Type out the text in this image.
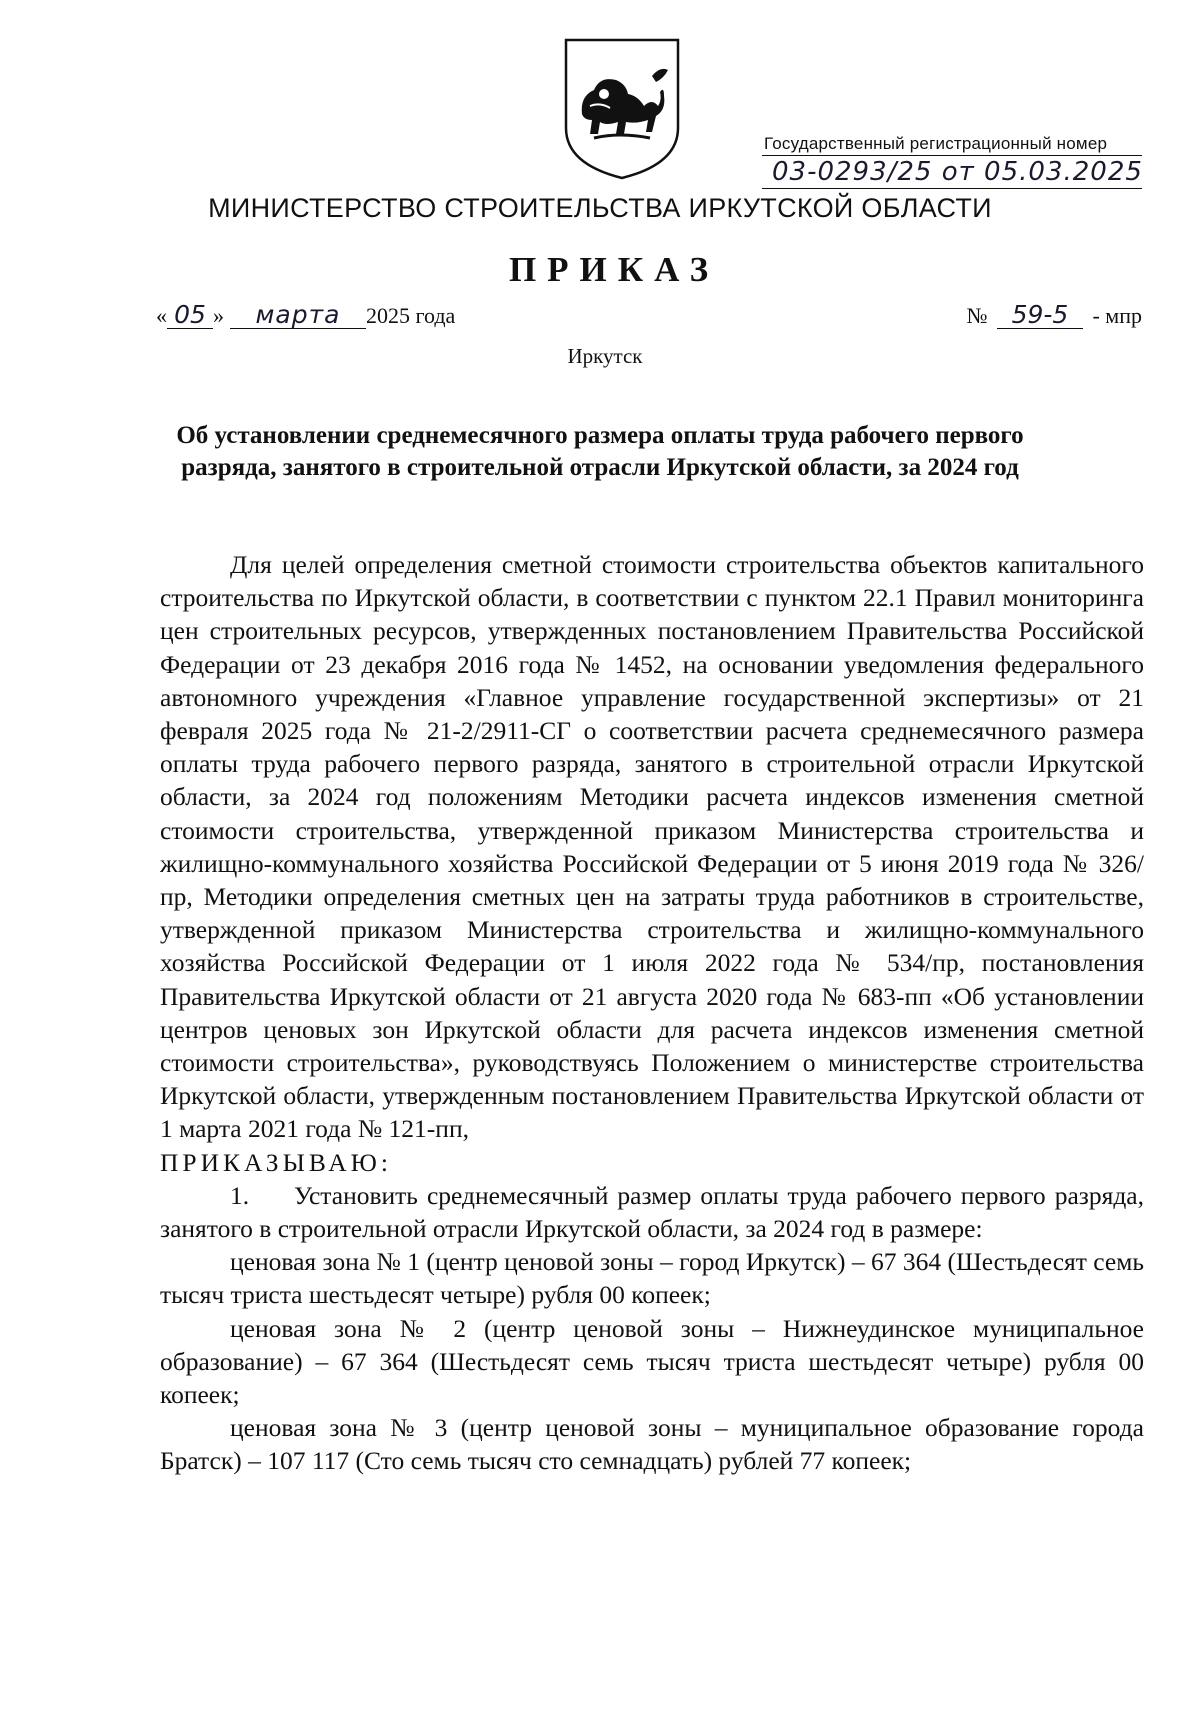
Государственный регистрационный номер
03-0293/25 от 05.03.2025
МИНИСТЕРСТВО СТРОИТЕЛЬСТВА ИРКУТСКОЙ ОБЛАСТИ
ПРИКАЗ
« 05 » марта 2025 года	№ 59-5 - мпр
Иркутск
Об установлении среднемесячного размера оплаты труда рабочего первого разряда, занятого в строительной отрасли Иркутской области, за 2024 год

Для целей определения сметной стоимости строительства объектов капитального строительства по Иркутской области, в соответствии с пунктом 22.1 Правил мониторинга цен строительных ресурсов, утвержденных постановлением Правительства Российской Федерации от 23 декабря 2016 года № 1452, на основании уведомления федерального автономного учреждения «Главное управление государственной экспертизы» от 21 февраля 2025 года № 21-2/2911-СГ о соответствии расчета среднемесячного размера оплаты труда рабочего первого разряда, занятого в строительной отрасли Иркутской области, за 2024 год положениям Методики расчета индексов изменения сметной стоимости строительства, утвержденной приказом Министерства строительства и жилищно-коммунального хозяйства Российской Федерации от 5 июня 2019 года № 326/пр, Методики определения сметных цен на затраты труда работников в строительстве, утвержденной приказом Министерства строительства и жилищно-коммунального хозяйства Российской Федерации от 1 июля 2022 года № 534/пр, постановления Правительства Иркутской области от 21 августа 2020 года № 683-пп «Об установлении центров ценовых зон Иркутской области для расчета индексов изменения сметной стоимости строительства», руководствуясь Положением о министерстве строительства Иркутской области, утвержденным постановлением Правительства Иркутской области от 1 марта 2021 года № 121-пп,

ПРИКАЗЫВАЮ:

1. Установить среднемесячный размер оплаты труда рабочего первого разряда, занятого в строительной отрасли Иркутской области, за 2024 год в размере:

ценовая зона № 1 (центр ценовой зоны – город Иркутск) – 67 364 (Шестьдесят семь тысяч триста шестьдесят четыре) рубля 00 копеек;

ценовая зона № 2 (центр ценовой зоны – Нижнеудинское муниципальное образование) – 67 364 (Шестьдесят семь тысяч триста шестьдесят четыре) рубля 00 копеек;

ценовая зона № 3 (центр ценовой зоны – муниципальное образование города Братск) – 107 117 (Сто семь тысяч сто семнадцать) рублей 77 копеек;
